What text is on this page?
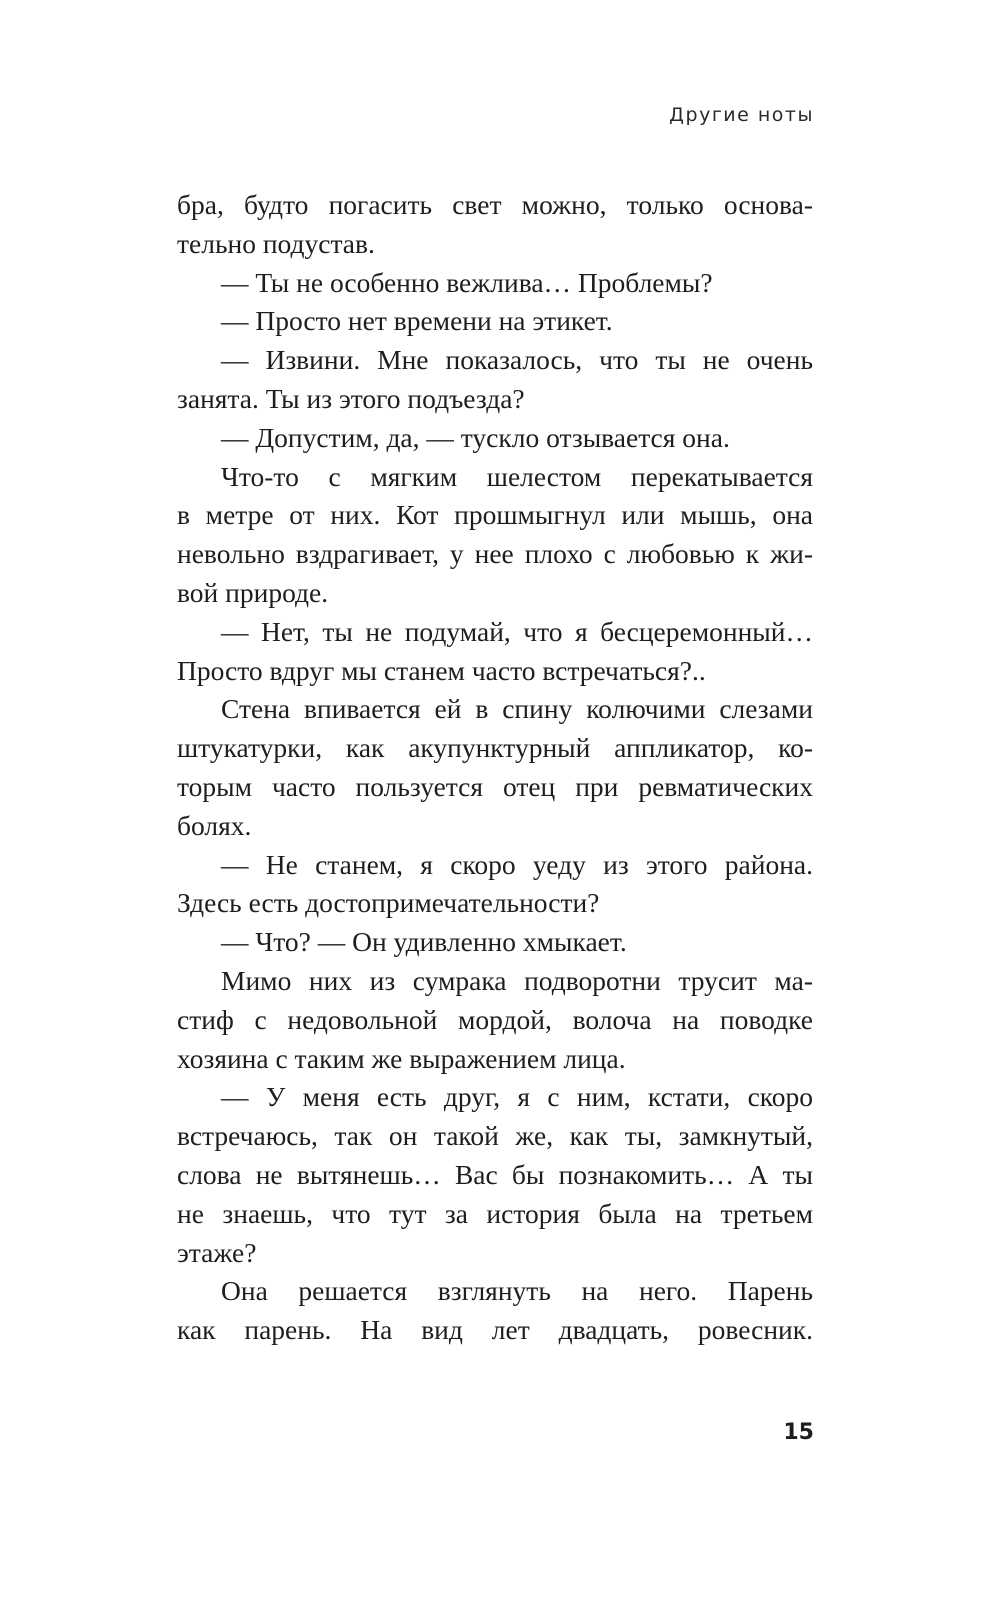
Другие ноты
бра, будто погасить свет можно, только основа-
тельно подустав.
— Ты не особенно вежлива… Проблемы?
— Просто нет времени на этикет.
— Извини. Мне показалось, что ты не очень
занята. Ты из этого подъезда?
— Допустим, да, — тускло отзывается она.
Что-то с мягким шелестом перекатывается
в метре от них. Кот прошмыгнул или мышь, она
невольно вздрагивает, у нее плохо с любовью к жи-
вой природе.
— Нет, ты не подумай, что я бесцеремонный…
Просто вдруг мы станем часто встречаться?..
Стена впивается ей в спину колючими слезами
штукатурки, как акупунктурный аппликатор, ко-
торым часто пользуется отец при ревматических
болях.
— Не станем, я скоро уеду из этого района.
Здесь есть достопримечательности?
— Что? — Он удивленно хмыкает.
Мимо них из сумрака подворотни трусит ма-
стиф с недовольной мордой, волоча на поводке
хозяина с таким же выражением лица.
— У меня есть друг, я с ним, кстати, скоро
встречаюсь, так он такой же, как ты, замкнутый,
слова не вытянешь… Вас бы познакомить… А ты
не знаешь, что тут за история была на третьем
этаже?
Она решается взглянуть на него. Парень
как парень. На вид лет двадцать, ровесник.
15
